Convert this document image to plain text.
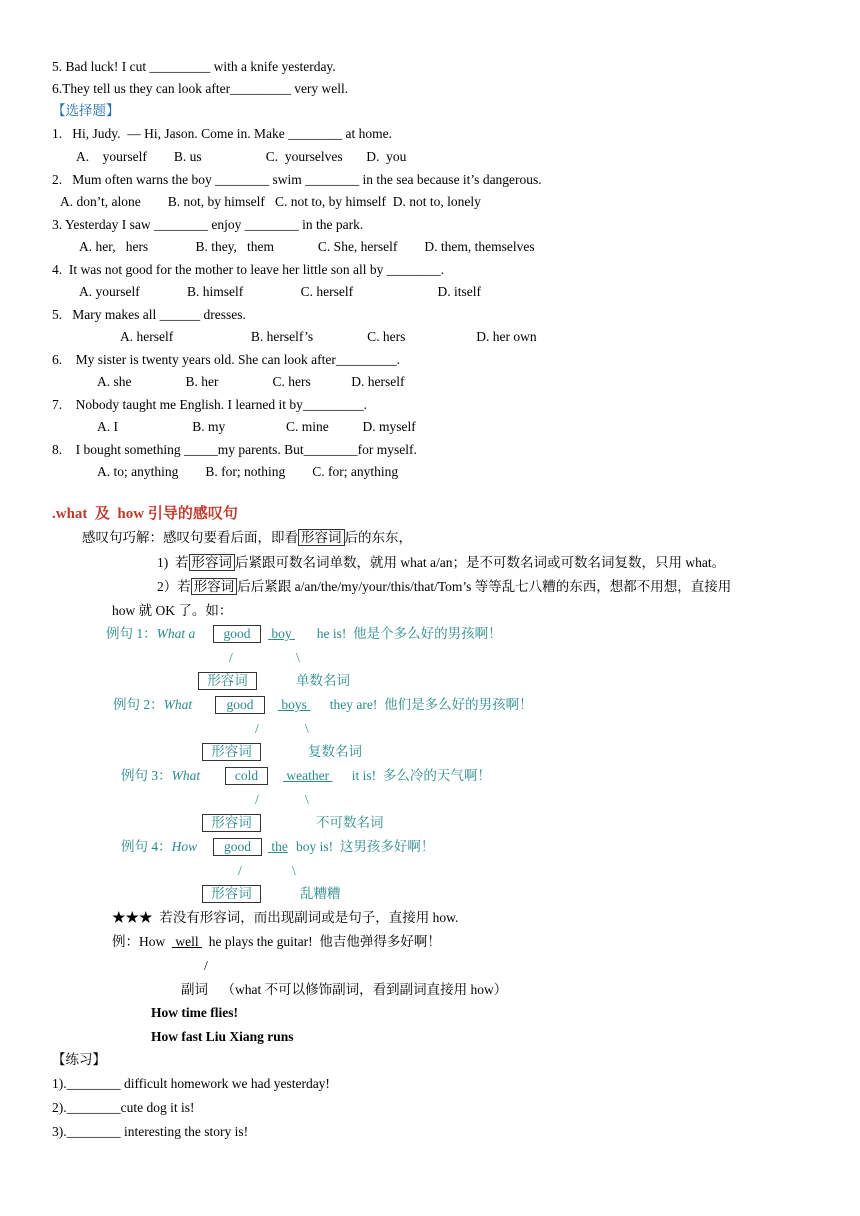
5. Bad luck! I cut _________ with a knife yesterday.
6.They tell us they can look after_________ very well.
【选择题】
1.   Hi, Judy.  — Hi, Jason. Come in. Make ________ at home.
A.    yourself        B. us                   C.  yourselves       D.  you
2.   Mum often warns the boy ________ swim ________ in the sea because it’s dangerous.
A. don’t, alone        B. not, by himself   C. not to, by himself  D. not to, lonely
3. Yesterday I saw ________ enjoy ________ in the park.
A. her,   hers              B. they,   them             C. She, herself        D. them, themselves
4.  It was not good for the mother to leave her little son all by ________.
A. yourself              B. himself                 C. herself                         D. itself
5.   Mary makes all ______ dresses.
A. herself                       B. herself’s                C. hers                     D. her own
6.    My sister is twenty years old. She can look after_________.
A. she                B. her                C. hers            D. herself
7.    Nobody taught me English. I learned it by_________.
A. I                      B. my                  C. mine          D. myself
8.    I bought something _____my parents. But________for myself.
A. to; anything        B. for; nothing        C. for; anything
.what  及  how 引导的感叹句
感叹句巧解：感叹句要看后面，即看 形容词 后的东东，
1)  若 形容词 后紧跟可数名词单数，就用 what a/an；是不可数名词或可数名词复数，只用 what。
2）若 形容词 后后紧跟 a/an/the/my/your/this/that/Tom’s 等等乱七八糟的东西，想都不用想，直接用
how 就 OK 了。如：
例句 1：What a	good	boy he is!  他是个多么好的男孩啊！
/	\
形容词	单数名词
例句 2：What	good	boys they are!  他们是多么好的男孩啊！
/	\
形容词	复数名词
例句 3：What	cold	weather it is!  多么冷的天气啊！
/	\
形容词	不可数名词
例句 4：How	good	the boy is!  这男孩多好啊！
/	\
形容词	乱糟糟
★★★  若没有形容词，而出现副词或是句子，直接用 how.
例：How   well   he plays the guitar!  他吉他弹得多好啊！
/
副词    （what 不可以修饰副词，看到副词直接用 how）
How time flies!
How fast Liu Xiang runs
【练习】
1).________ difficult homework we had yesterday!
2).________cute dog it is!
3).________ interesting the story is!
